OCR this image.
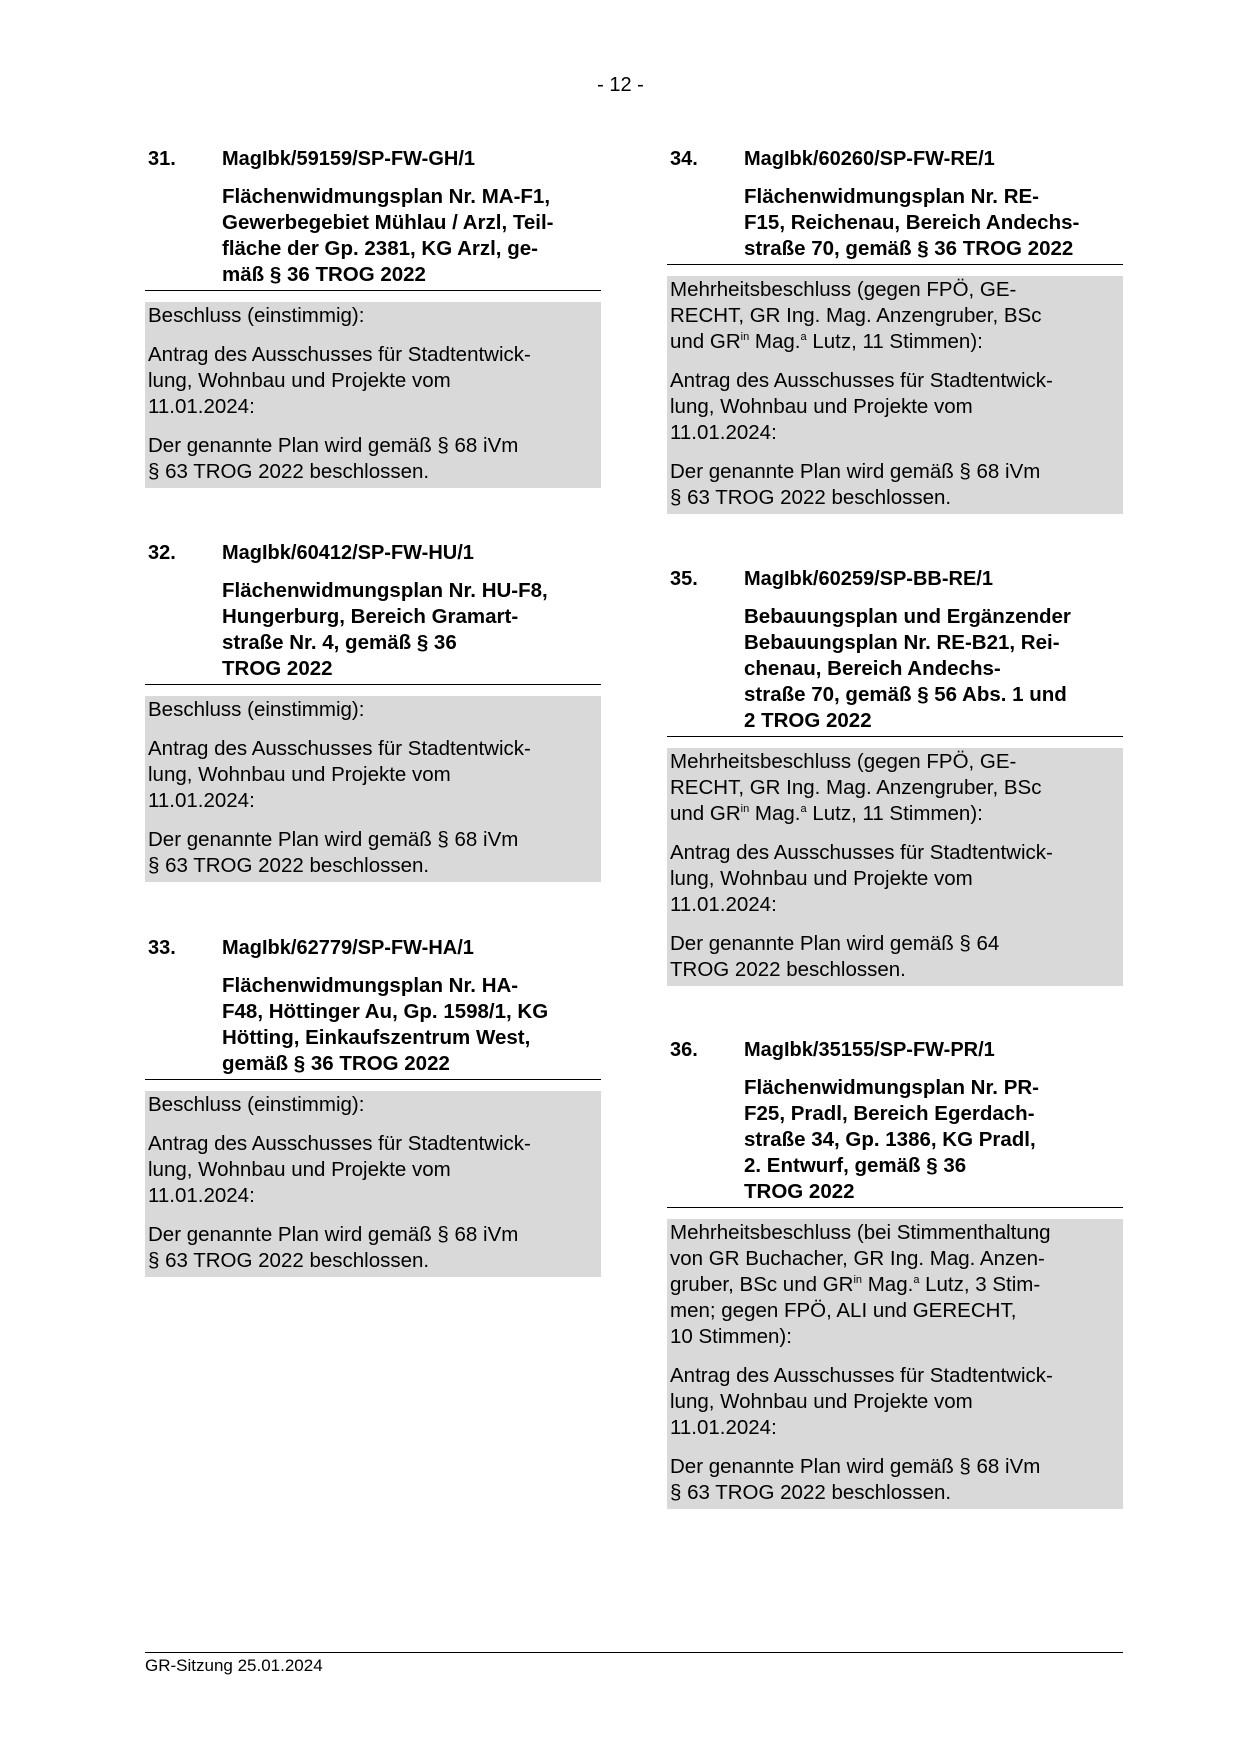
- 12 -
31. MagIbk/59159/SP-FW-GH/1
Flächenwidmungsplan Nr. MA-F1,
Gewerbegebiet Mühlau / Arzl, Teil-
fläche der Gp. 2381, KG Arzl, ge-
mäß § 36 TROG 2022

Beschluss (einstimmig):

Antrag des Ausschusses für Stadtentwick-
lung, Wohnbau und Projekte vom
11.01.2024:

Der genannte Plan wird gemäß § 68 iVm
§ 63 TROG 2022 beschlossen.

32. MagIbk/60412/SP-FW-HU/1
Flächenwidmungsplan Nr. HU-F8,
Hungerburg, Bereich Gramart-
straße Nr. 4, gemäß § 36
TROG 2022

Beschluss (einstimmig):

Antrag des Ausschusses für Stadtentwick-
lung, Wohnbau und Projekte vom
11.01.2024:

Der genannte Plan wird gemäß § 68 iVm
§ 63 TROG 2022 beschlossen.

33. MagIbk/62779/SP-FW-HA/1
Flächenwidmungsplan Nr. HA-
F48, Höttinger Au, Gp. 1598/1, KG
Hötting, Einkaufszentrum West,
gemäß § 36 TROG 2022

Beschluss (einstimmig):

Antrag des Ausschusses für Stadtentwick-
lung, Wohnbau und Projekte vom
11.01.2024:

Der genannte Plan wird gemäß § 68 iVm
§ 63 TROG 2022 beschlossen.

34. MagIbk/60260/SP-FW-RE/1
Flächenwidmungsplan Nr. RE-
F15, Reichenau, Bereich Andechs-
straße 70, gemäß § 36 TROG 2022

Mehrheitsbeschluss (gegen FPÖ, GE-
RECHT, GR Ing. Mag. Anzengruber, BSc
und $GR^{in}$ Mag.$^a$ Lutz, 11 Stimmen):

Antrag des Ausschusses für Stadtentwick-
lung, Wohnbau und Projekte vom
11.01.2024:

Der genannte Plan wird gemäß § 68 iVm
§ 63 TROG 2022 beschlossen.

35. MagIbk/60259/SP-BB-RE/1
Bebauungsplan und Ergänzender
Bebauungsplan Nr. RE-B21, Rei-
chenau, Bereich Andechs-
straße 70, gemäß § 56 Abs. 1 und
2 TROG 2022

Mehrheitsbeschluss (gegen FPÖ, GE-
RECHT, GR Ing. Mag. Anzengruber, BSc
und $GR^{in}$ Mag.$^a$ Lutz, 11 Stimmen):

Antrag des Ausschusses für Stadtentwick-
lung, Wohnbau und Projekte vom
11.01.2024:

Der genannte Plan wird gemäß § 64
TROG 2022 beschlossen.

36. MagIbk/35155/SP-FW-PR/1
Flächenwidmungsplan Nr. PR-
F25, Pradl, Bereich Egerdach-
straße 34, Gp. 1386, KG Pradl,
2. Entwurf, gemäß § 36
TROG 2022

Mehrheitsbeschluss (bei Stimmenthaltung
von GR Buchacher, GR Ing. Mag. Anzen-
gruber, BSc und $GR^{in}$ Mag.$^a$ Lutz, 3 Stim-
men; gegen FPÖ, ALI und GERECHT,
10 Stimmen):

Antrag des Ausschusses für Stadtentwick-
lung, Wohnbau und Projekte vom
11.01.2024:

Der genannte Plan wird gemäß § 68 iVm
§ 63 TROG 2022 beschlossen.

GR-Sitzung 25.01.2024
